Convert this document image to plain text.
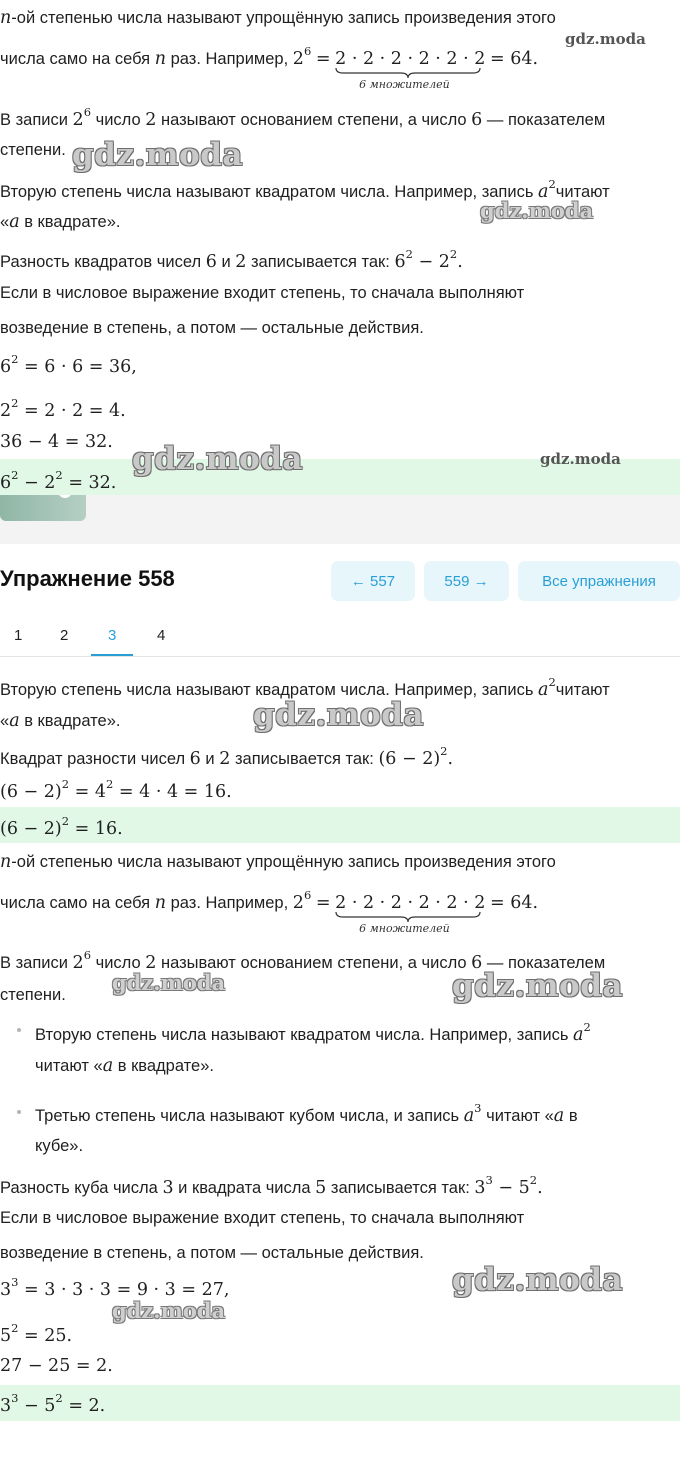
n-ой степенью числа называют упрощённую запись произведения этого
числа само на себя n раз. Например, $2^6 = 2 \cdot 2 \cdot 2 \cdot 2 \cdot 2 \cdot 2$
6 множителей
= 64.
gdz.moda
В записи $2^6$ число 2 называют основанием степени, а число 6 — показателем
степени. gdz.moda
Вторую степень числа называют квадратом числа. Например, запись $a^2читают$
«a в квадрате».	gdz.moda
Разность квадратов чисел 6 и 2 записывается так: $6^2 - 2^2$.
Если в числовое выражение входит степень, то сначала выполняют
возведение в степень, а потом — остальные действия.
$6^2 = 6 \cdot 6 = 36$,
$2^2 = 2 \cdot 2 = 4$.
36 − 4 = 32.
$6^2 - 2^2 = 32$.
gdz.moda	gdz.moda
Упражнение 558	← 557	559 →	Все упражнения
1	2	3	4
Вторую степень числа называют квадратом числа. Например, запись $a^2читают$
«a в квадрате».	gdz.moda
Квадрат разности чисел 6 и 2 записывается так: $(6 - 2)^2$.
$(6 - 2)^2 = 4^2 = 4 \cdot 4 = 16$.
$(6 - 2)^2 = 16$.
n-ой степенью числа называют упрощённую запись произведения этого
числа само на себя n раз. Например, $2^6 = 2 \cdot 2 \cdot 2 \cdot 2 \cdot 2 \cdot 2$
6 множителей
= 64.
В записи $2^6$ число 2 называют основанием степени, а число 6 — показателем
степени.	gdz.moda	gdz.moda
Вторую степень числа называют квадратом числа. Например, запись $a^2$
читают «a в квадрате».
Третью степень числа называют кубом числа, и запись $a^3$ читают «a в
кубе».
Разность куба числа 3 и квадрата числа 5 записывается так: $3^3 - 5^2$.
Если в числовое выражение входит степень, то сначала выполняют
возведение в степень, а потом — остальные действия.
$3^3 = 3 \cdot 3 \cdot 3 = 9 \cdot 3 = 27$,	gdz.moda
gdz.moda
$5^2 = 25$.
27 − 25 = 2.
$3^3 - 5^2 = 2$.
